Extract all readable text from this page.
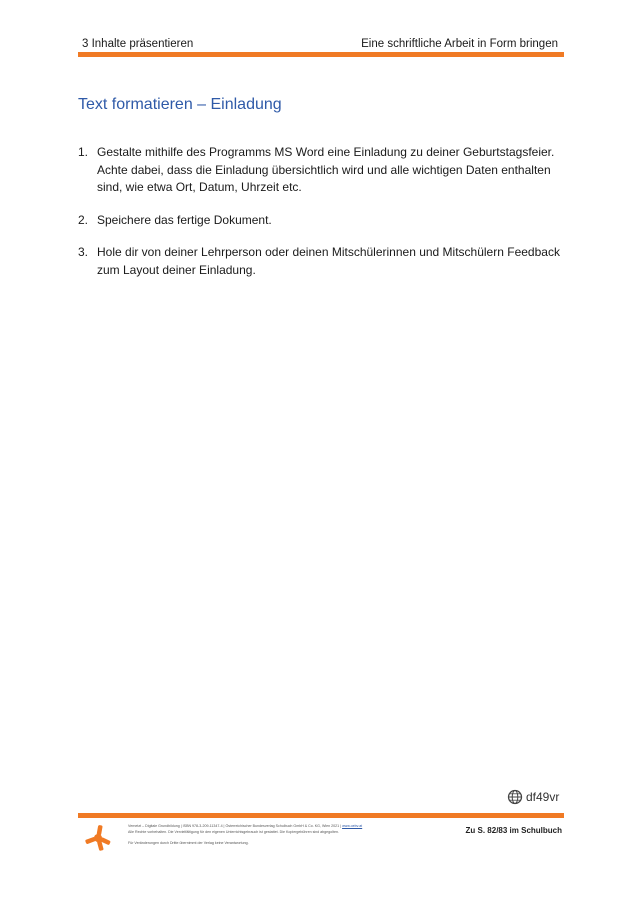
3 Inhalte präsentieren	Eine schriftliche Arbeit in Form bringen
Text formatieren – Einladung
1. Gestalte mithilfe des Programms MS Word eine Einladung zu deiner Geburtstagsfeier. Achte dabei, dass die Einladung übersichtlich wird und alle wichtigen Daten enthalten sind, wie etwa Ort, Datum, Uhrzeit etc.
2. Speichere das fertige Dokument.
3. Hole dir von deiner Lehrperson oder deinen Mitschülerinnen und Mitschülern Feedback zum Layout deiner Einladung.
df49vr
Vernetzt – Digitale Grundbildung | ISBN 978-3-209-11347-4 | Österreichischer Bundesverlag Schulbuch GmbH & Co. KG, Wien 2021 | www.oebv.at
Alle Rechte vorbehalten. Die Vervielfältigung für den eigenen Unterrichtsgebrauch ist gestattet. Die Kopiergebühren sind abgegolten.
Für Veränderungen durch Dritte übernimmt der Verlag keine Verantwortung.
Zu S. 82/83 im Schulbuch
